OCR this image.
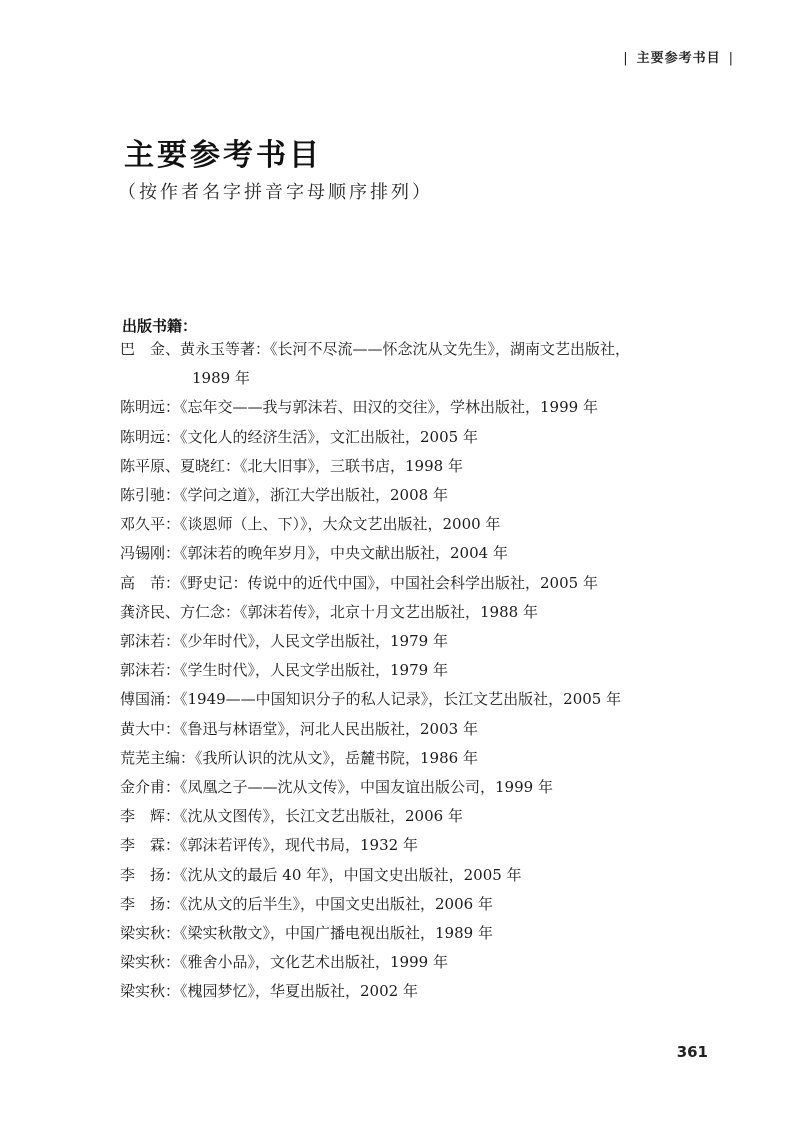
| 主要参考书目 |
主要参考书目
（按作者名字拼音字母顺序排列）
出版书籍：
巴　金、黄永玉等著：《长河不尽流——怀念沈从文先生》，湖南文艺出版社，
1989 年
陈明远：《忘年交——我与郭沫若、田汉的交往》，学林出版社，1999 年
陈明远：《文化人的经济生活》，文汇出版社，2005 年
陈平原、夏晓红：《北大旧事》，三联书店，1998 年
陈引驰：《学问之道》，浙江大学出版社，2008 年
邓久平：《谈恩师（上、下）》，大众文艺出版社，2000 年
冯锡刚：《郭沫若的晚年岁月》，中央文献出版社，2004 年
高　芾：《野史记：传说中的近代中国》，中国社会科学出版社，2005 年
龚济民、方仁念：《郭沫若传》，北京十月文艺出版社，1988 年
郭沫若：《少年时代》，人民文学出版社，1979 年
郭沫若：《学生时代》，人民文学出版社，1979 年
傅国涌：《1949——中国知识分子的私人记录》，长江文艺出版社，2005 年
黄大中：《鲁迅与林语堂》，河北人民出版社，2003 年
荒芜主编：《我所认识的沈从文》，岳麓书院，1986 年
金介甫：《凤凰之子——沈从文传》，中国友谊出版公司，1999 年
李　辉：《沈从文图传》，长江文艺出版社，2006 年
李　霖：《郭沫若评传》，现代书局，1932 年
李　扬：《沈从文的最后 40 年》，中国文史出版社，2005 年
李　扬：《沈从文的后半生》，中国文史出版社，2006 年
梁实秋：《梁实秋散文》，中国广播电视出版社，1989 年
梁实秋：《雅舍小品》，文化艺术出版社，1999 年
梁实秋：《槐园梦忆》，华夏出版社，2002 年
361
